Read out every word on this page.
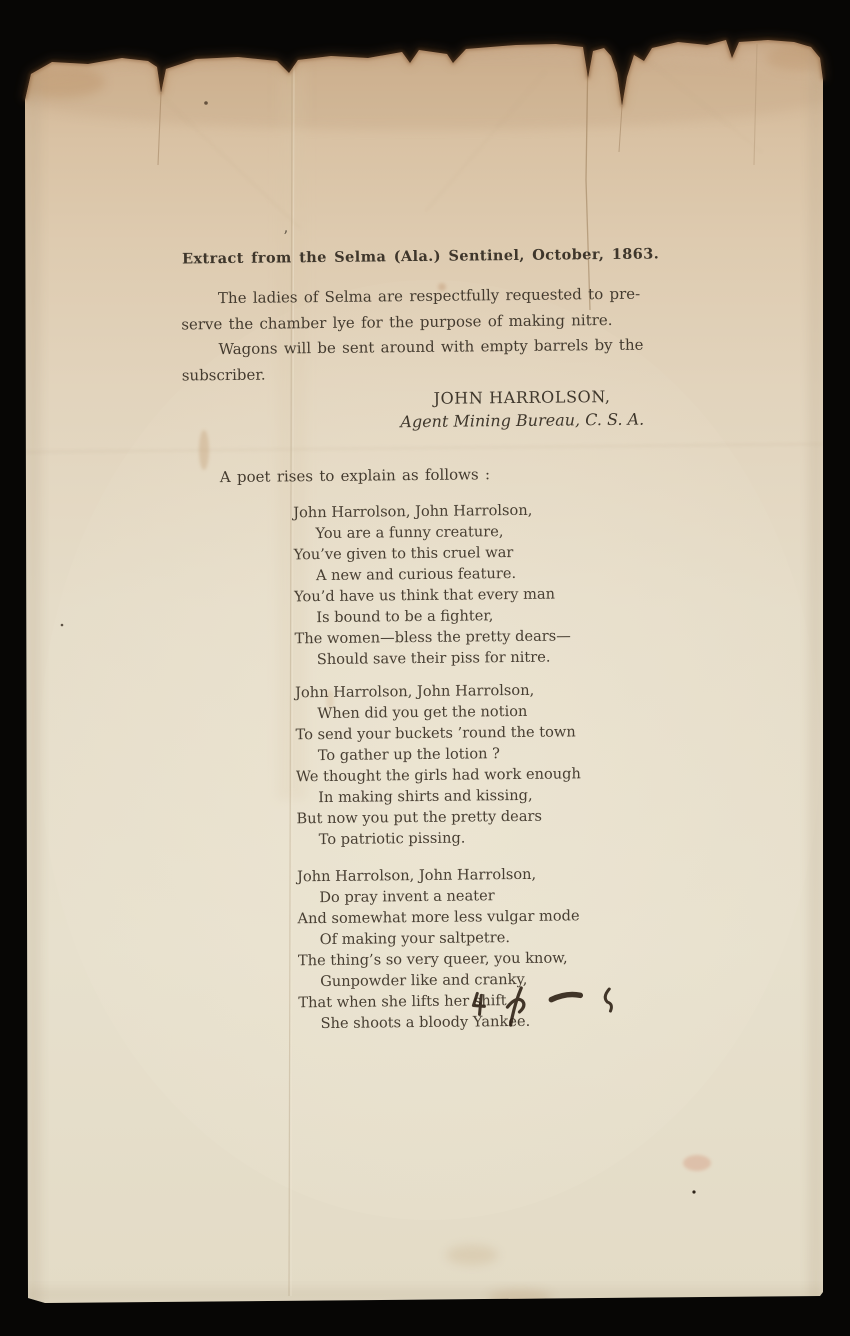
’
Extract from the Selma (Ala.) Sentinel, October, 1863.
The ladies of Selma are respectfully requested to pre-
serve the chamber lye for the purpose of making nitre.
Wagons will be sent around with empty barrels by the
subscriber.
JOHN HARROLSON,
Agent Mining Bureau, C. S. A.
A poet rises to explain as follows :
John Harrolson, John Harrolson,
You are a funny creature,
You’ve given to this cruel war
A new and curious feature.
You’d have us think that every man
Is bound to be a fighter,
The women—bless the pretty dears—
Should save their piss for nitre.
John Harrolson, John Harrolson,
When did you get the notion
To send your buckets ’round the town
To gather up the lotion ?
We thought the girls had work enough
In making shirts and kissing,
But now you put the pretty dears
To patriotic pissing.
John Harrolson, John Harrolson,
Do pray invent a neater
And somewhat more less vulgar mode
Of making your saltpetre.
The thing’s so very queer, you know,
Gunpowder like and cranky,
That when she lifts her shift
She shoots a bloody Yankee.
